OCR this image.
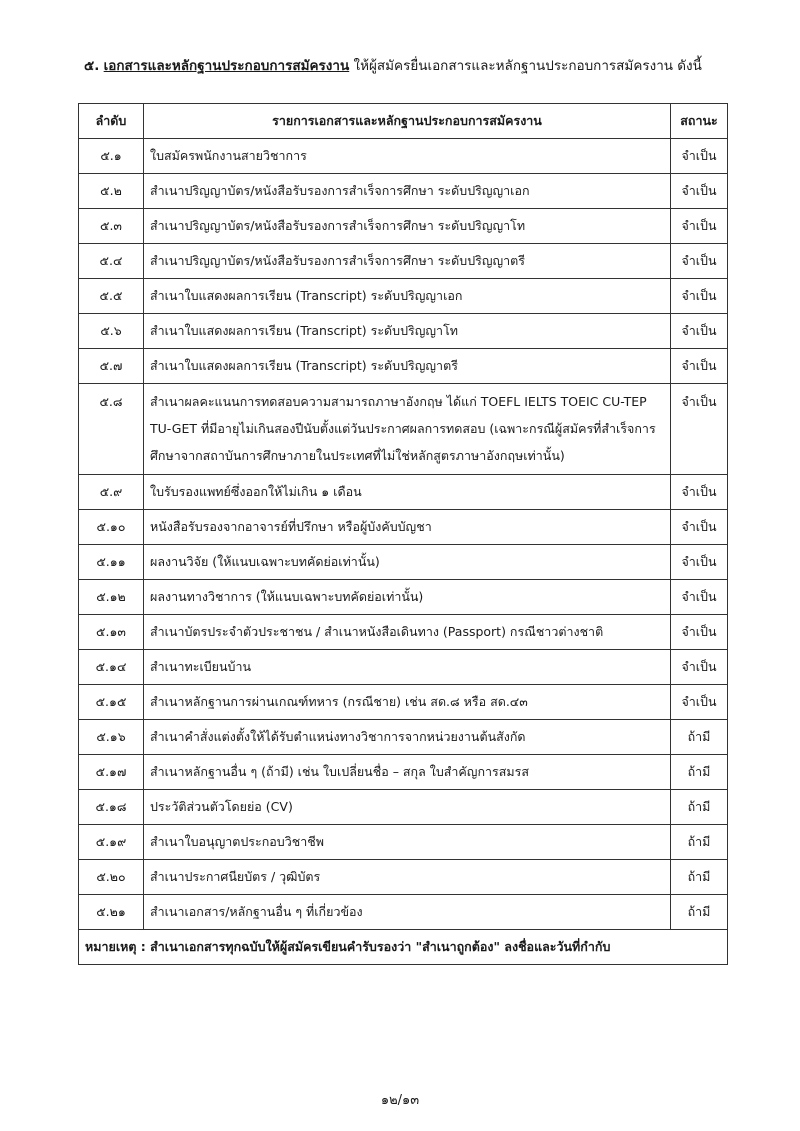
๕. เอกสารและหลักฐานประกอบการสมัครงาน ให้ผู้สมัครยื่นเอกสารและหลักฐานประกอบการสมัครงาน ดังนี้
ลำดับ	รายการเอกสารและหลักฐานประกอบการสมัครงาน	สถานะ
๕.๑	ใบสมัครพนักงานสายวิชาการ	จำเป็น
๕.๒	สำเนาปริญญาบัตร/หนังสือรับรองการสำเร็จการศึกษา ระดับปริญญาเอก	จำเป็น
๕.๓	สำเนาปริญญาบัตร/หนังสือรับรองการสำเร็จการศึกษา ระดับปริญญาโท	จำเป็น
๕.๔	สำเนาปริญญาบัตร/หนังสือรับรองการสำเร็จการศึกษา ระดับปริญญาตรี	จำเป็น
๕.๕	สำเนาใบแสดงผลการเรียน (Transcript) ระดับปริญญาเอก	จำเป็น
๕.๖	สำเนาใบแสดงผลการเรียน (Transcript) ระดับปริญญาโท	จำเป็น
๕.๗	สำเนาใบแสดงผลการเรียน (Transcript) ระดับปริญญาตรี	จำเป็น
๕.๘	สำเนาผลคะแนนการทดสอบความสามารถภาษาอังกฤษ ได้แก่ TOEFL IELTS TOEIC CU-TEP TU-GET ที่มีอายุไม่เกินสองปีนับตั้งแต่วันประกาศผลการทดสอบ (เฉพาะกรณีผู้สมัครที่สำเร็จการศึกษาจากสถาบันการศึกษาภายในประเทศที่ไม่ใช่หลักสูตรภาษาอังกฤษเท่านั้น)	จำเป็น
๕.๙	ใบรับรองแพทย์ซึ่งออกให้ไม่เกิน ๑ เดือน	จำเป็น
๕.๑๐	หนังสือรับรองจากอาจารย์ที่ปรึกษา หรือผู้บังคับบัญชา	จำเป็น
๕.๑๑	ผลงานวิจัย (ให้แนบเฉพาะบทคัดย่อเท่านั้น)	จำเป็น
๕.๑๒	ผลงานทางวิชาการ (ให้แนบเฉพาะบทคัดย่อเท่านั้น)	จำเป็น
๕.๑๓	สำเนาบัตรประจำตัวประชาชน / สำเนาหนังสือเดินทาง (Passport) กรณีชาวต่างชาติ	จำเป็น
๕.๑๔	สำเนาทะเบียนบ้าน	จำเป็น
๕.๑๕	สำเนาหลักฐานการผ่านเกณฑ์ทหาร (กรณีชาย) เช่น สด.๘ หรือ สด.๔๓	จำเป็น
๕.๑๖	สำเนาคำสั่งแต่งตั้งให้ได้รับตำแหน่งทางวิชาการจากหน่วยงานต้นสังกัด	ถ้ามี
๕.๑๗	สำเนาหลักฐานอื่น ๆ (ถ้ามี) เช่น ใบเปลี่ยนชื่อ – สกุล ใบสำคัญการสมรส	ถ้ามี
๕.๑๘	ประวัติส่วนตัวโดยย่อ (CV)	ถ้ามี
๕.๑๙	สำเนาใบอนุญาตประกอบวิชาชีพ	ถ้ามี
๕.๒๐	สำเนาประกาศนียบัตร / วุฒิบัตร	ถ้ามี
๕.๒๑	สำเนาเอกสาร/หลักฐานอื่น ๆ ที่เกี่ยวข้อง	ถ้ามี
หมายเหตุ : สำเนาเอกสารทุกฉบับให้ผู้สมัครเขียนคำรับรองว่า "สำเนาถูกต้อง" ลงชื่อและวันที่กำกับ		
๑๒/๑๓
